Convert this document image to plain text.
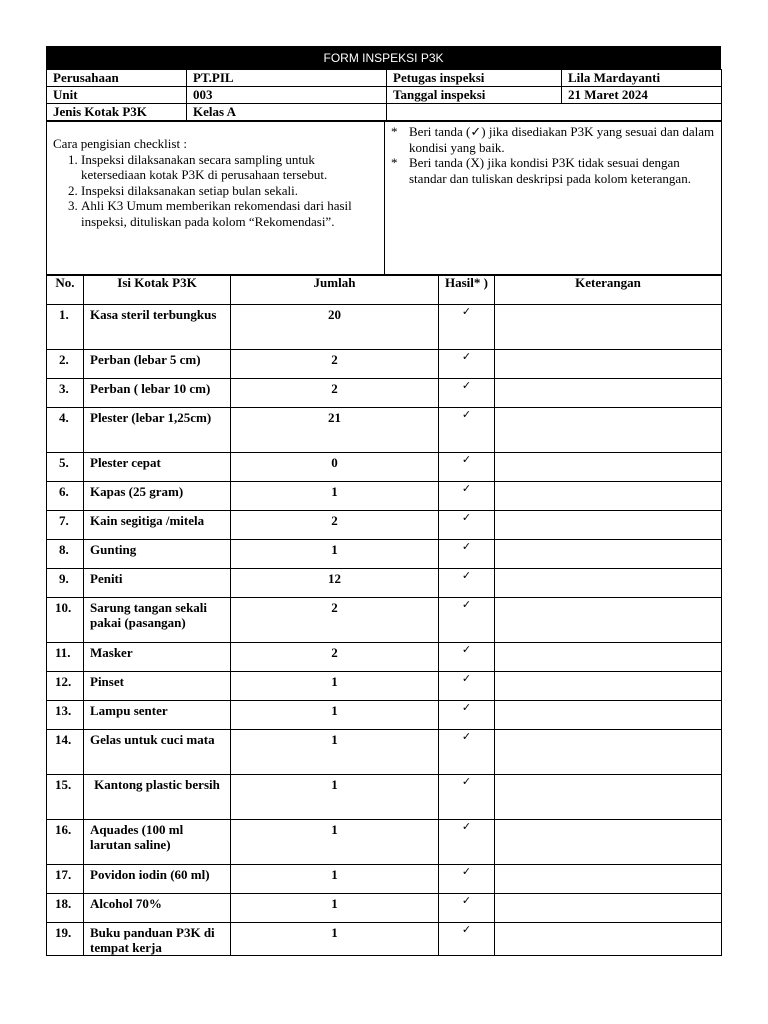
FORM INSPEKSI P3K
Perusahaan	PT.PIL	Petugas inspeksi	Lila Mardayanti
Unit	003	Tanggal inspeksi	21 Maret 2024
Jenis Kotak P3K	Kelas A		
Cara pengisian checklist :
1. Inspeksi dilaksanakan secara sampling untuk ketersediaan kotak P3K di perusahaan tersebut.
2. Inspeksi dilaksanakan setiap bulan sekali.
3. Ahli K3 Umum memberikan rekomendasi dari hasil inspeksi, dituliskan pada kolom “Rekomendasi”.

* Beri tanda (✓) jika disediakan P3K yang sesuai dan dalam kondisi yang baik.
* Beri tanda (X) jika kondisi P3K tidak sesuai dengan standar dan tuliskan deskripsi pada kolom keterangan.
No.	Isi Kotak P3K	Jumlah	Hasil* )	Keterangan
1.	Kasa steril terbungkus	20	✓	
2.	Perban (lebar 5 cm)	2	✓	
3.	Perban ( lebar 10 cm)	2	✓	
4.	Plester (lebar 1,25cm)	21	✓	
5.	Plester cepat	0	✓	
6.	Kapas (25 gram)	1	✓	
7.	Kain segitiga /mitela	2	✓	
8.	Gunting	1	✓	
9.	Peniti	12	✓	
10.	Sarung tangan sekali pakai (pasangan)	2	✓	
11.	Masker	2	✓	
12.	Pinset	1	✓	
13.	Lampu senter	1	✓	
14.	Gelas untuk cuci mata	1	✓	
15.	Kantong plastic bersih	1	✓	
16.	Aquades (100 ml larutan saline)	1	✓	
17.	Povidon iodin (60 ml)	1	✓	
18.	Alcohol 70%	1	✓	
19.	Buku panduan P3K di tempat kerja	1	✓	
